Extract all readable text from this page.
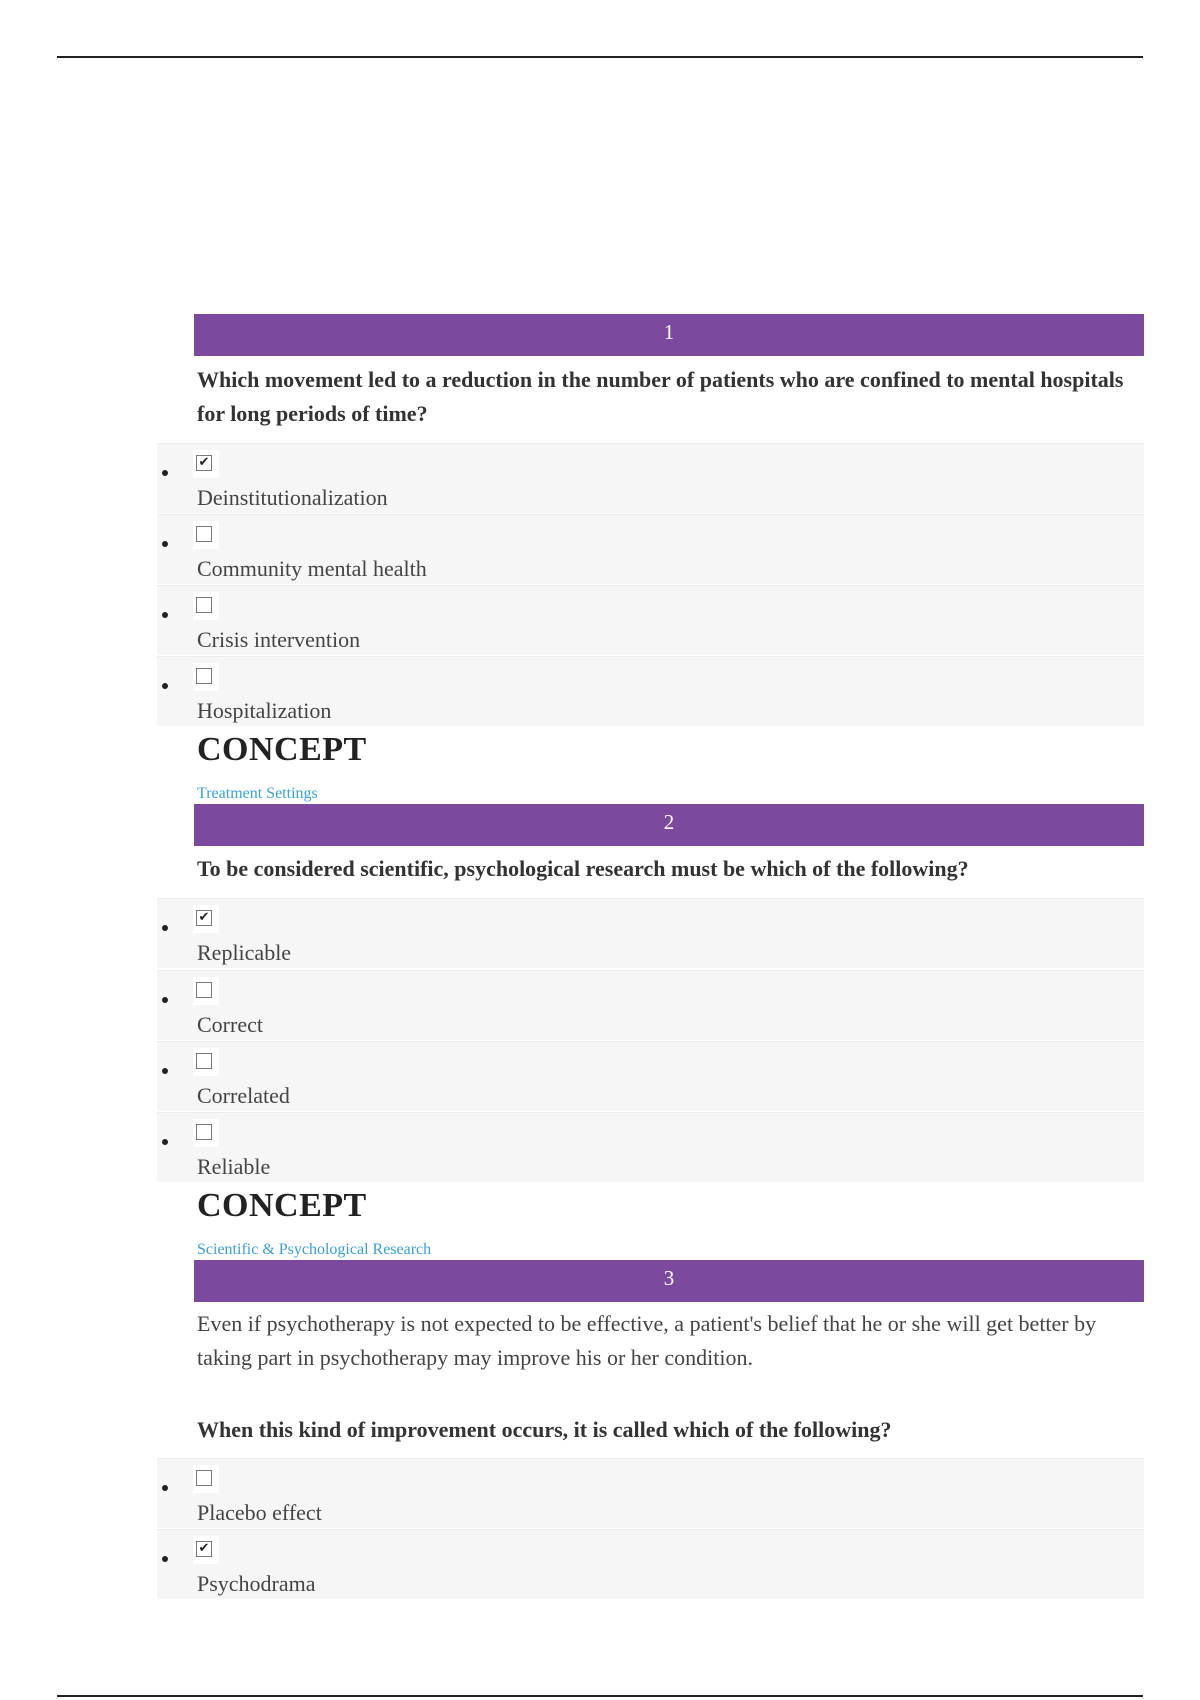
1
Which movement led to a reduction in the number of patients who are confined to mental hospitals for long periods of time?
✔
Deinstitutionalization
Community mental health
Crisis intervention
Hospitalization
CONCEPT
Treatment Settings
2
To be considered scientific, psychological research must be which of the following?
✔
Replicable
Correct
Correlated
Reliable
CONCEPT
Scientific & Psychological Research
3
Even if psychotherapy is not expected to be effective, a patient's belief that he or she will get better by taking part in psychotherapy may improve his or her condition.
When this kind of improvement occurs, it is called which of the following?
Placebo effect
✔
Psychodrama
